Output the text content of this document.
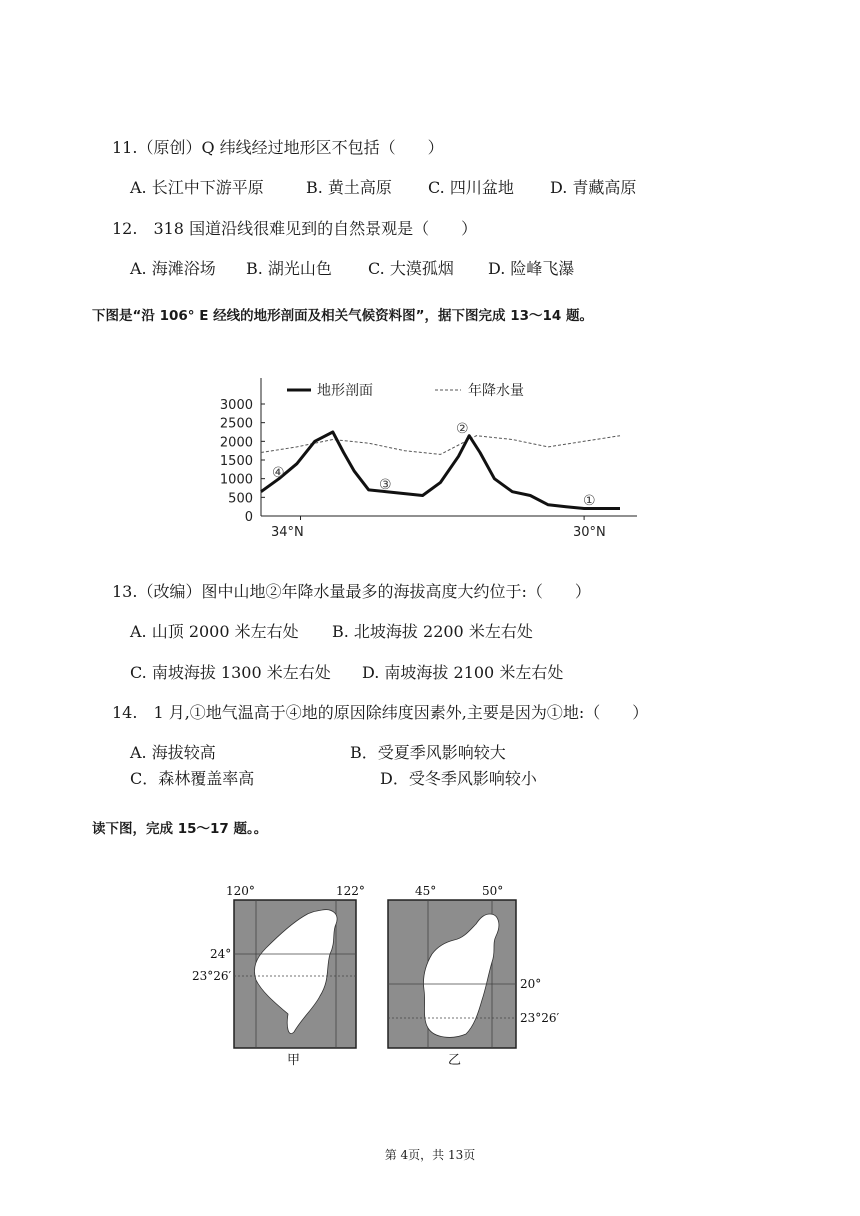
11.（原创）Q 纬线经过地形区不包括（　　）
A. 长江中下游平原	B. 黄土高原 C. 四川盆地 D. 青藏高原
12.　318 国道沿线很难见到的自然景观是（　　）
A. 海滩浴场 B. 湖光山色 C. 大漠孤烟 D. 险峰飞瀑
下图是“沿 106° E 经线的地形剖面及相关气候资料图”，据下图完成 13～14 题。
地形剖面	年降水量
3000
2500
2000
1500
1000
500
0
④
③
②
①
34°N	30°N
13.（改编）图中山地②年降水量最多的海拔高度大约位于:（　　）
A. 山顶 2000 米左右处 B. 北坡海拔 2200 米左右处
C. 南坡海拔 1300 米左右处 D. 南坡海拔 2100 米左右处
14.　1 月,①地气温高于④地的原因除纬度因素外,主要是因为①地:（　　）
A. 海拔较高	B．受夏季风影响较大
C．森林覆盖率高	D．受冬季风影响较小
读下图，完成 15～17 题。。
120°	122°
24°
23°26′
甲
45°	50°
20°
23°26′
乙
第 4页，共 13页
